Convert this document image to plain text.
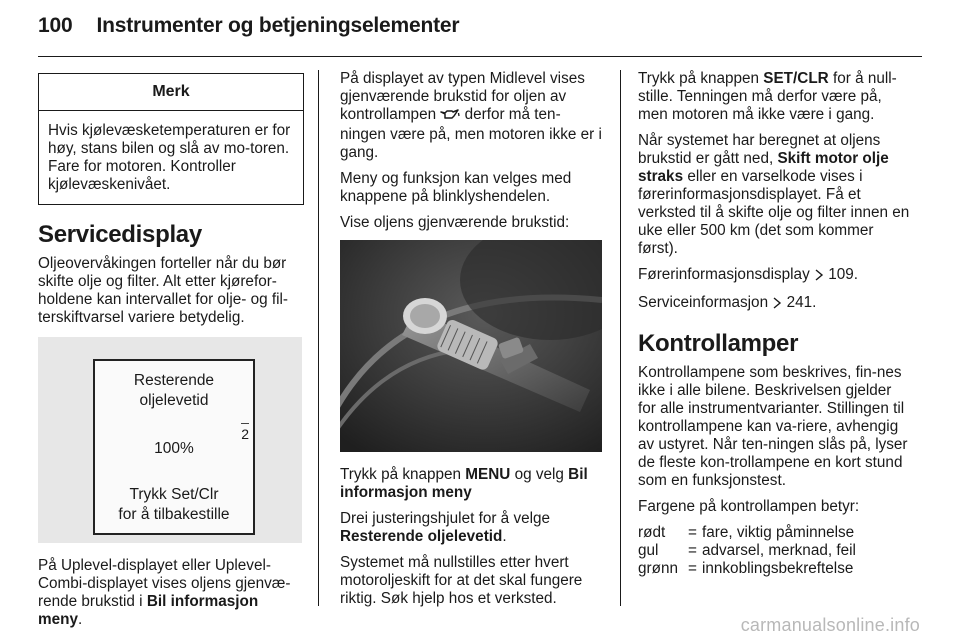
100 Instrumenter og betjeningselementer
Merk
Hvis kjølevæsketemperaturen er for høy, stans bilen og slå av mo-toren. Fare for motoren. Kontroller kjølevæskenivået.
Servicedisplay

Oljeovervåkingen forteller når du bør skifte olje og filter. Alt etter kjørefor-holdene kan intervallet for olje- og fil-terskiftvarsel variere betydelig.

Resterende
oljelevetid
2
100%
Trykk Set/Clr
for å tilbakestille

På Uplevel-displayet eller Uplevel-Combi-displayet vises oljens gjenvæ-rende brukstid i Bil informasjon meny.

På displayet av typen Midlevel vises gjenværende brukstid for oljen av kontrollampen  derfor må ten-ningen være på, men motoren ikke er i gang.

Meny og funksjon kan velges med knappene på blinklyshendelen.

Vise oljens gjenværende brukstid:

Trykk på knappen MENU og velg Bil informasjon meny

Drei justeringshjulet for å velge Resterende oljelevetid.

Systemet må nullstilles etter hvert motoroljeskift for at det skal fungere riktig. Søk hjelp hos et verksted.

Trykk på knappen SET/CLR for å null-stille. Tenningen må derfor være på, men motoren må ikke være i gang.

Når systemet har beregnet at oljens brukstid er gått ned, Skift motor olje straks eller en varselkode vises i førerinformasjonsdisplayet. Få et verksted til å skifte olje og filter innen en uke eller 500 km (det som kommer først).

Førerinformasjonsdisplay 109.

Serviceinformasjon 241.

Kontrollamper

Kontrollampene som beskrives, fin-nes ikke i alle bilene. Beskrivelsen gjelder for alle instrumentvarianter. Stillingen til kontrollampene kan va-riere, avhengig av ustyret. Når ten-ningen slås på, lyser de fleste kon-trollampene en kort stund som en funksjonstest.

Fargene på kontrollampen betyr:

rødt	=	fare, viktig påminnelse
gul	=	advarsel, merknad, feil
grønn	=	innkoblingsbekreftelse
carmanualsonline.info
